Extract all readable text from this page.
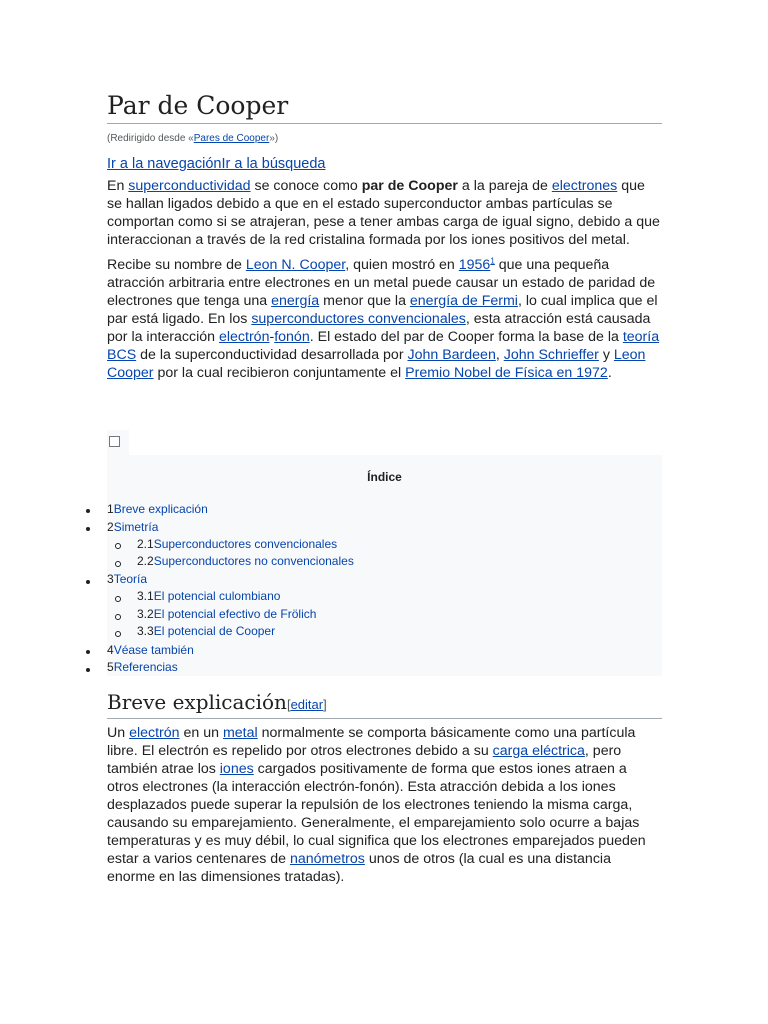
Par de Cooper
(Redirigido desde «Pares de Cooper»)
Ir a la navegaciónIr a la búsqueda

En superconductividad se conoce como par de Cooper a la pareja de electrones que se hallan ligados debido a que en el estado superconductor ambas partículas se comportan como si se atrajeran, pese a tener ambas carga de igual signo, debido a que interaccionan a través de la red cristalina formada por los iones positivos del metal.

Recibe su nombre de Leon N. Cooper, quien mostró en 1956$^1$ que una pequeña atracción arbitraria entre electrones en un metal puede causar un estado de paridad de electrones que tenga una energía menor que la energía de Fermi, lo cual implica que el par está ligado. En los superconductores convencionales, esta atracción está causada por la interacción electrón-fonón. El estado del par de Cooper forma la base de la teoría BCS de la superconductividad desarrollada por John Bardeen, John Schrieffer y Leon Cooper por la cual recibieron conjuntamente el Premio Nobel de Física en 1972.

Índice
1Breve explicación
2Simetría
2.1Superconductores convencionales
2.2Superconductores no convencionales
3Teoría
3.1El potencial culombiano
3.2El potencial efectivo de Frölich
3.3El potencial de Cooper
4Véase también
5Referencias
Breve explicación[editar]

Un electrón en un metal normalmente se comporta básicamente como una partícula libre. El electrón es repelido por otros electrones debido a su carga eléctrica, pero también atrae los iones cargados positivamente de forma que estos iones atraen a otros electrones (la interacción electrón-fonón). Esta atracción debida a los iones desplazados puede superar la repulsión de los electrones teniendo la misma carga, causando su emparejamiento. Generalmente, el emparejamiento solo ocurre a bajas temperaturas y es muy débil, lo cual significa que los electrones emparejados pueden estar a varios centenares de nanómetros unos de otros (la cual es una distancia enorme en las dimensiones tratadas).
